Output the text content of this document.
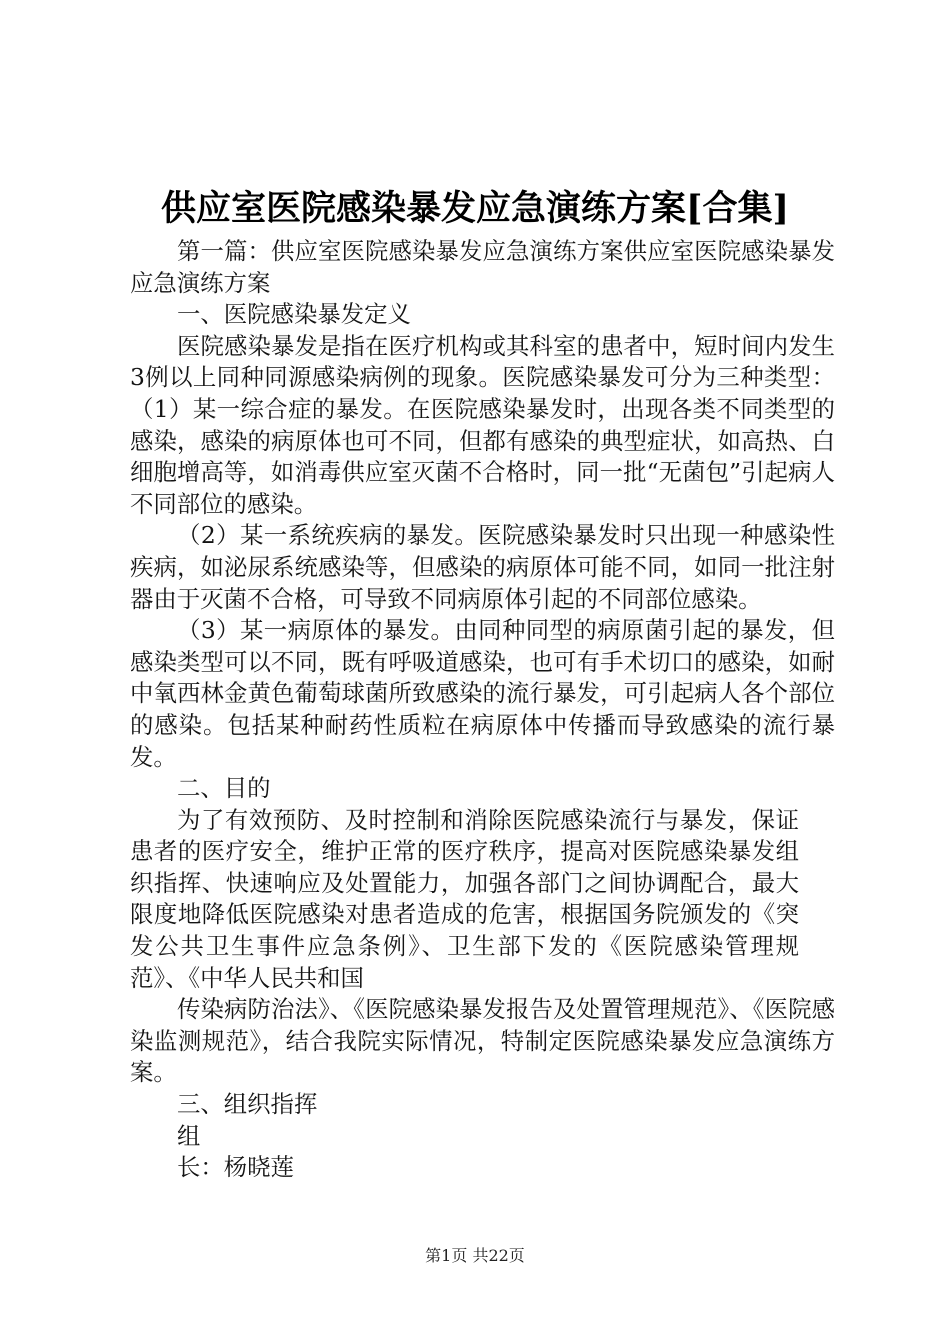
供应室医院感染暴发应急演练方案[合集]

第一篇：供应室医院感染暴发应急演练方案供应室医院感染暴发应急演练方案

一、医院感染暴发定义

医院感染暴发是指在医疗机构或其科室的患者中，短时间内发生3例以上同种同源感染病例的现象。医院感染暴发可分为三种类型：（1）某一综合症的暴发。在医院感染暴发时，出现各类不同类型的感染，感染的病原体也可不同，但都有感染的典型症状，如高热、白细胞增高等，如消毒供应室灭菌不合格时，同一批“无菌包”引起病人不同部位的感染。

（2）某一系统疾病的暴发。医院感染暴发时只出现一种感染性疾病，如泌尿系统感染等，但感染的病原体可能不同，如同一批注射器由于灭菌不合格，可导致不同病原体引起的不同部位感染。

（3）某一病原体的暴发。由同种同型的病原菌引起的暴发，但感染类型可以不同，既有呼吸道感染，也可有手术切口的感染，如耐中氧西林金黄色葡萄球菌所致感染的流行暴发，可引起病人各个部位的感染。包括某种耐药性质粒在病原体中传播而导致感染的流行暴发。

二、目的

为了有效预防、及时控制和消除医院感染流行与暴发，保证患者的医疗安全，维护正常的医疗秩序，提高对医院感染暴发组织指挥、快速响应及处置能力，加强各部门之间协调配合，最大限度地降低医院感染对患者造成的危害，根据国务院颁发的《突发公共卫生事件应急条例》、卫生部下发的《医院感染管理规范》、《中华人民共和国

传染病防治法》、《医院感染暴发报告及处置管理规范》、《医院感染监测规范》，结合我院实际情况，特制定医院感染暴发应急演练方案。

三、组织指挥

组

长：杨晓莲

第1页 共22页
